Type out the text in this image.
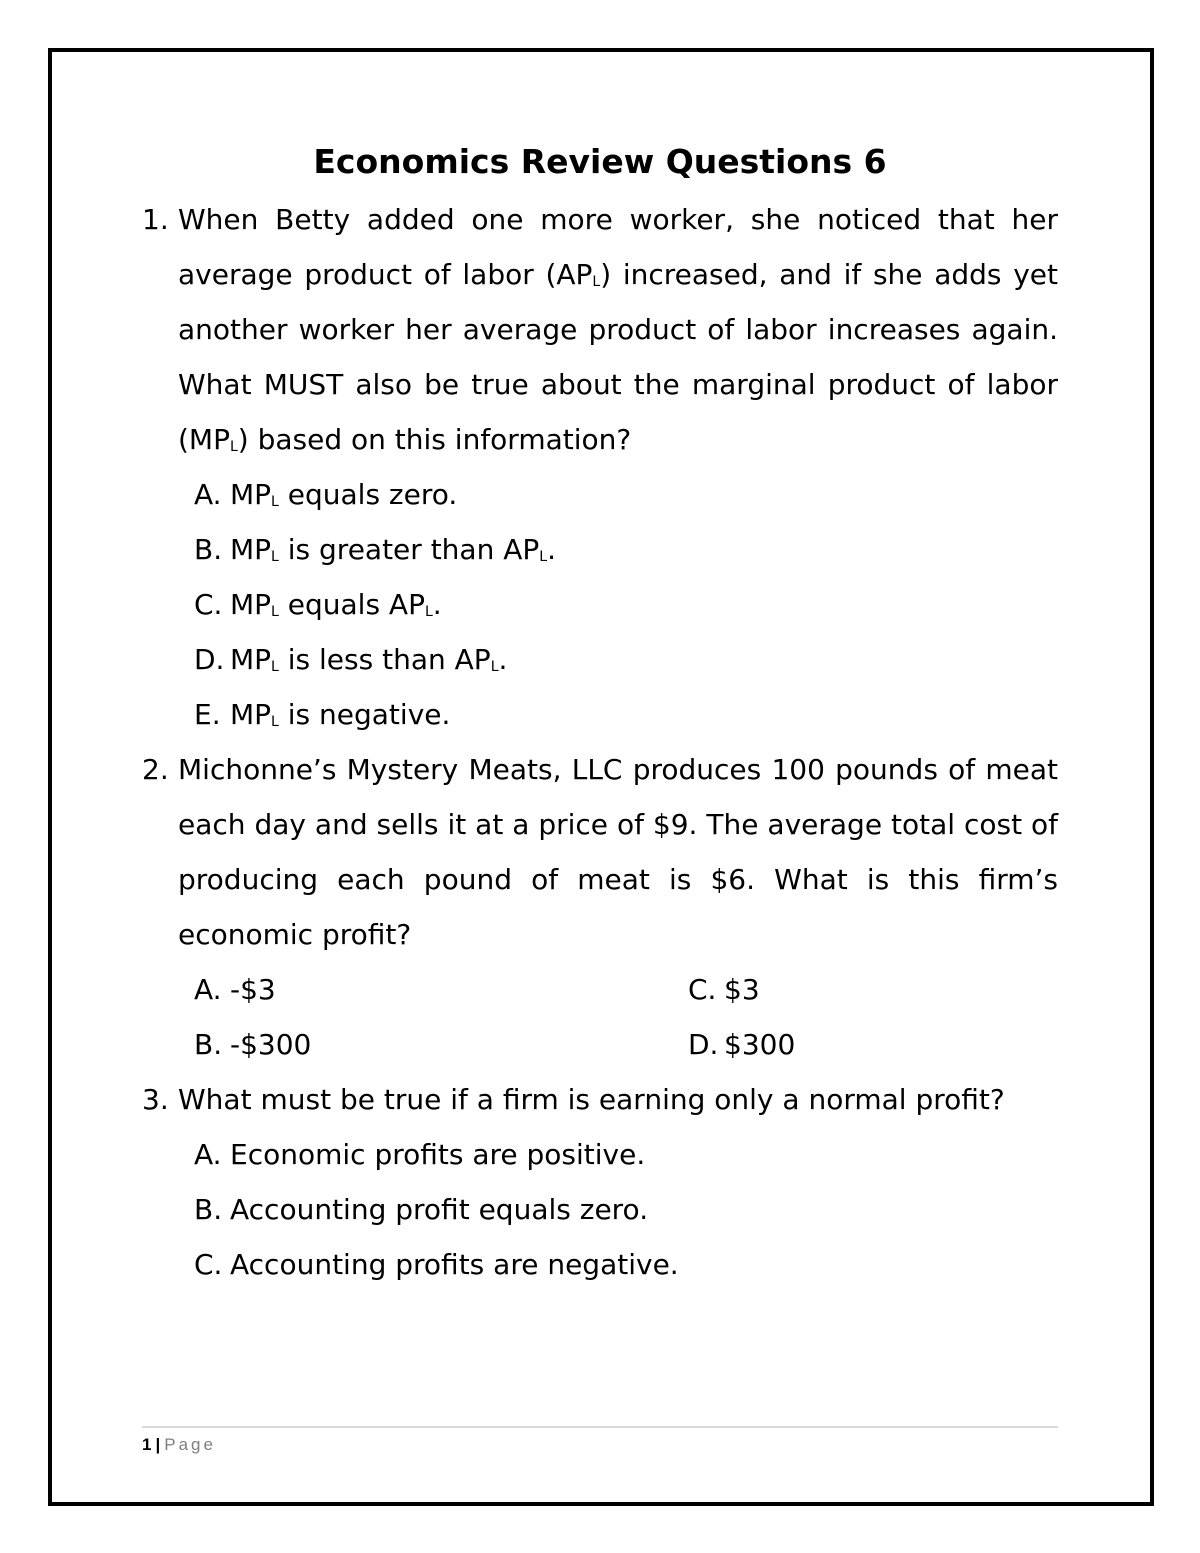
Economics Review Questions 6
1. When Betty added one more worker, she noticed that her average product of labor $(AP_L)$ increased, and if she adds yet another worker her average product of labor increases again. What MUST also be true about the marginal product of labor $(MP_L)$ based on this information?
A. $MP_L$ equals zero.
B. $MP_L$ is greater than $AP_L$.
C. $MP_L$ equals $AP_L$.
D. $MP_L$ is less than $AP_L$.
E. $MP_L$ is negative.
2. Michonne’s Mystery Meats, LLC produces 100 pounds of meat each day and sells it at a price of $9. The average total cost of producing each pound of meat is $6. What is this firm’s economic profit?
A. -$3	C. $3
B. -$300	D. $300
3. What must be true if a firm is earning only a normal profit?
A. Economic profits are positive.
B. Accounting profit equals zero.
C. Accounting profits are negative.
1 | Page
